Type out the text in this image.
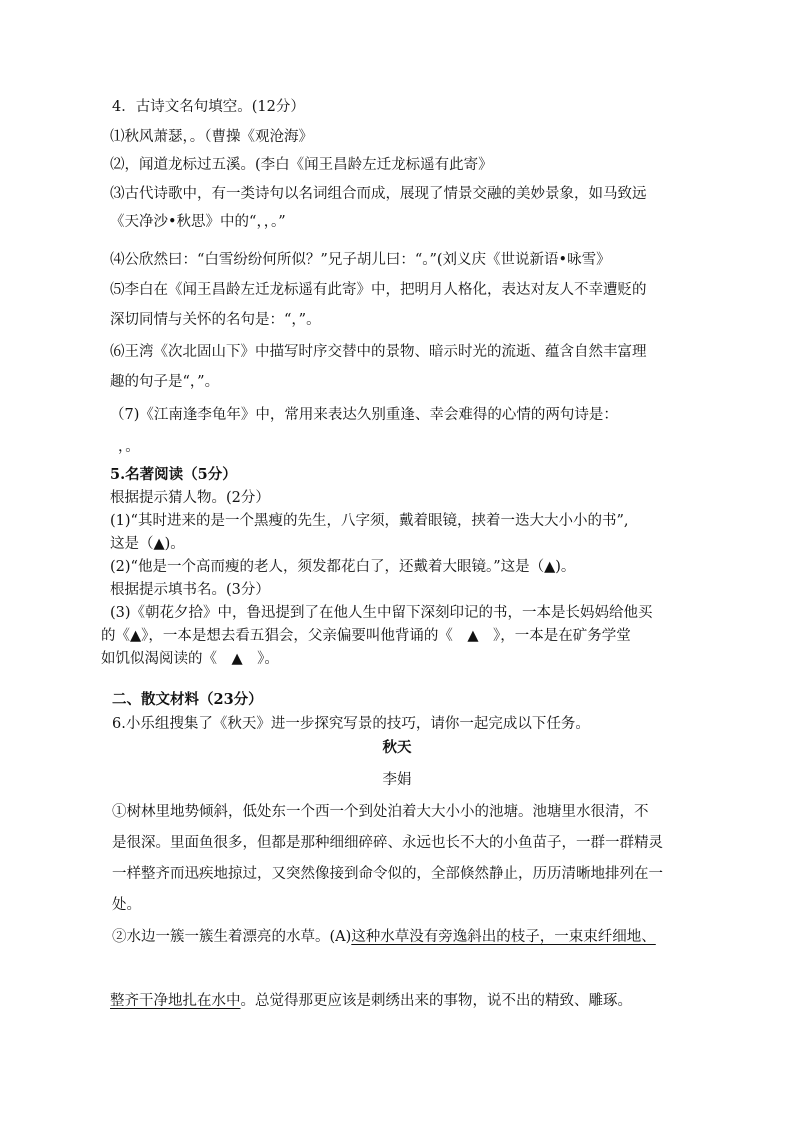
4．古诗文名句填空。(12分）
⑴秋风萧瑟，。（曹操《观沧海》
⑵，闻道龙标过五溪。(李白《闻王昌龄左迁龙标遥有此寄》
⑶古代诗歌中，有一类诗句以名词组合而成，展现了情景交融的美妙景象，如马致远
《天净沙•秋思》中的“，，。”
⑷公欣然曰：“白雪纷纷何所似？”兄子胡儿曰：“。”(刘义庆《世说新语•咏雪》
⑸李白在《闻王昌龄左迁龙标遥有此寄》中，把明月人格化，表达对友人不幸遭贬的
深切同情与关怀的名句是：“，”。
⑹王湾《次北固山下》中描写时序交替中的景物、暗示时光的流逝、蕴含自然丰富理
趣的句子是“，”。
（7)《江南逢李龟年》中，常用来表达久别重逢、幸会难得的心情的两句诗是：
，。
5.名著阅读（5分）
根据提示猜人物。(2分）
(1)“其时进来的是一个黑瘦的先生，八字须，戴着眼镜，挟着一迭大大小小的书”,
这是（▲)。
(2)“他是一个高而瘦的老人，须发都花白了，还戴着大眼镜。”这是（▲)。
根据提示填书名。(3分）
(3)《朝花夕拾》中，鲁迅提到了在他人生中留下深刻印记的书，一本是长妈妈给他买
的《▲》，一本是想去看五猖会，父亲偏要叫他背诵的《　▲　》，一本是在矿务学堂
如饥似渴阅读的《　▲　》。
二、散文材料（23分）
6.小乐组搜集了《秋天》进一步探究写景的技巧，请你一起完成以下任务。
秋天
李娟
①树林里地势倾斜，低处东一个西一个到处泊着大大小小的池塘。池塘里水很清，不
是很深。里面鱼很多，但都是那种细细碎碎、永远也长不大的小鱼苗子，一群一群精灵
一样整齐而迅疾地掠过，又突然像接到命令似的，全部倏然静止，历历清晰地排列在一
处。
②水边一簇一簇生着漂亮的水草。(A)这种水草没有旁逸斜出的枝子，一束束纤细地、
整齐干净地扎在水中。总觉得那更应该是刺绣出来的事物，说不出的精致、雕琢。
